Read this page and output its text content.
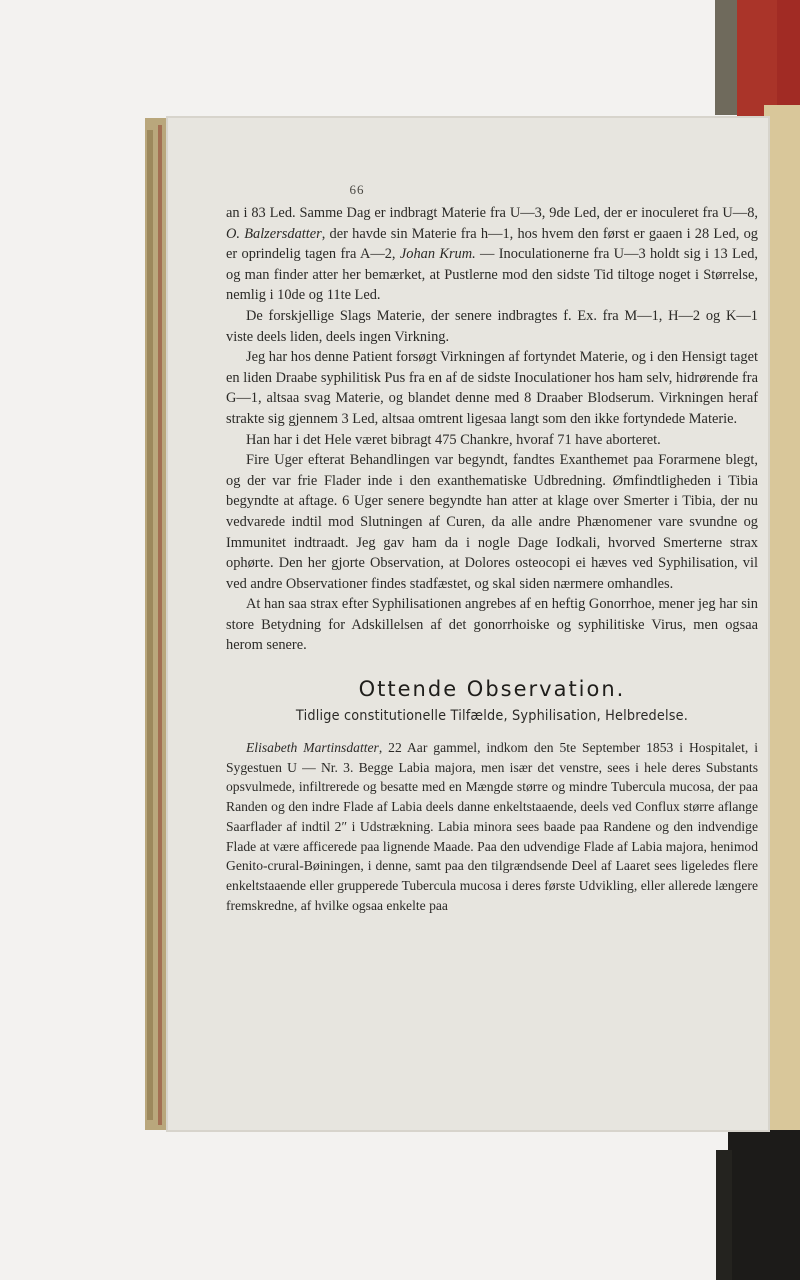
66

an i 83 Led. Samme Dag er indbragt Materie fra U—3, 9de Led, der er inoculeret fra U—8, O. Balzersdatter, der havde sin Materie fra h—1, hos hvem den først er gaaen i 28 Led, og er oprindelig tagen fra A—2, Johan Krum. — Inoculationerne fra U—3 holdt sig i 13 Led, og man finder atter her bemærket, at Pustlerne mod den sidste Tid tiltoge noget i Størrelse, nemlig i 10de og 11te Led.

De forskjellige Slags Materie, der senere indbragtes f. Ex. fra M—1, H—2 og K—1 viste deels liden, deels ingen Virkning.

Jeg har hos denne Patient forsøgt Virkningen af fortyndet Materie, og i den Hensigt taget en liden Draabe syphilitisk Pus fra en af de sidste Inoculationer hos ham selv, hidrørende fra G—1, altsaa svag Materie, og blandet denne med 8 Draaber Blodserum. Virkningen heraf strakte sig gjennem 3 Led, altsaa omtrent ligesaa langt som den ikke fortyndede Materie.

Han har i det Hele været bibragt 475 Chankre, hvoraf 71 have aborteret.

Fire Uger efterat Behandlingen var begyndt, fandtes Exanthemet paa Forarmene blegt, og der var frie Flader inde i den exanthematiske Udbredning. Ømfindtligheden i Tibia begyndte at aftage. 6 Uger senere begyndte han atter at klage over Smerter i Tibia, der nu vedvarede indtil mod Slutningen af Curen, da alle andre Phænomener vare svundne og Immunitet indtraadt. Jeg gav ham da i nogle Dage Iodkali, hvorved Smerterne strax ophørte. Den her gjorte Observation, at Dolores osteocopi ei hæves ved Syphilisation, vil ved andre Observationer findes stadfæstet, og skal siden nærmere omhandles.

At han saa strax efter Syphilisationen angrebes af en heftig Gonorrhoe, mener jeg har sin store Betydning for Adskillelsen af det gonorrhoiske og syphilitiske Virus, men ogsaa herom senere.

Ottende Observation.
Tidlige constitutionelle Tilfælde, Syphilisation, Helbredelse.

Elisabeth Martinsdatter, 22 Aar gammel, indkom den 5te September 1853 i Hospitalet, i Sygestuen U — Nr. 3. Begge Labia majora, men især det venstre, sees i hele deres Substants opsvulmede, infiltrerede og besatte med en Mængde større og mindre Tubercula mucosa, der paa Randen og den indre Flade af Labia deels danne enkeltstaaende, deels ved Conflux større aflange Saarflader af indtil 2″ i Udstrækning. Labia minora sees baade paa Randene og den indvendige Flade at være afficerede paa lignende Maade. Paa den udvendige Flade af Labia majora, henimod Genito-crural-Bøiningen, i denne, samt paa den tilgrændsende Deel af Laaret sees ligeledes flere enkeltstaaende eller grupperede Tubercula mucosa i deres første Udvikling, eller allerede længere fremskredne, af hvilke ogsaa enkelte paa
